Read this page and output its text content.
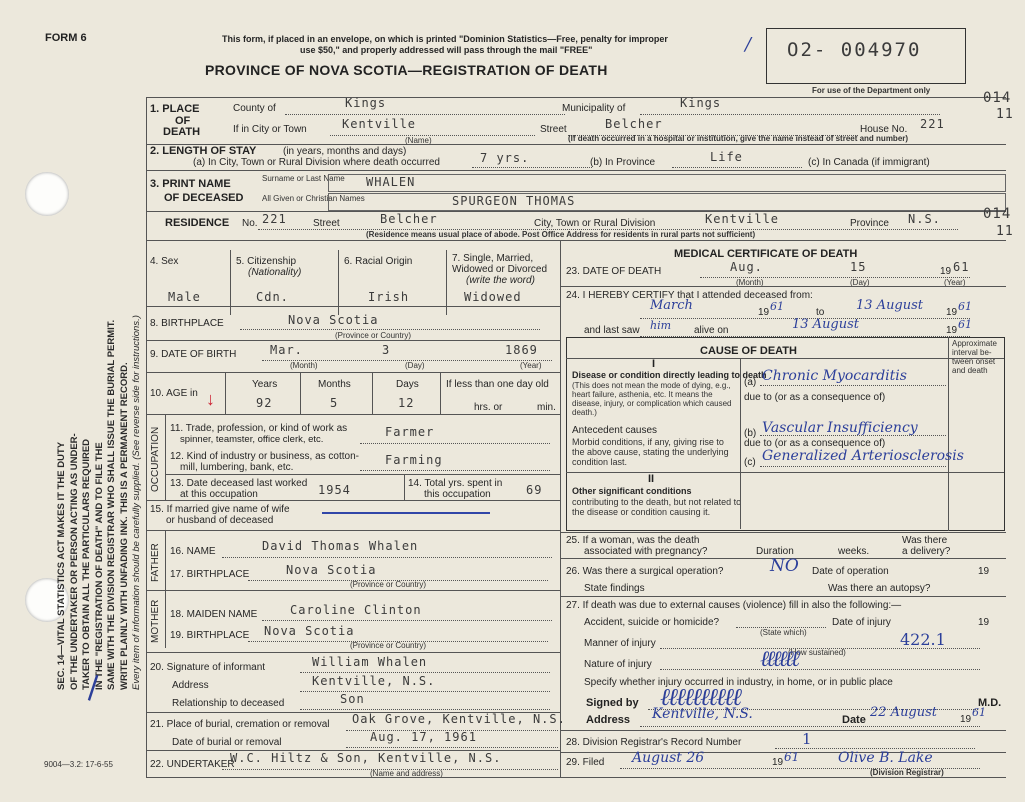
SEC. 14—VITAL STATISTICS ACT MAKES IT THE DUTY OF THE UNDERTAKER OR PERSON ACTING AS UNDER- TAKER TO OBTAIN ALL THE PARTICULARS REQUIRED IN THE "REGISTRATION OF DEATH" AND TO FILE THE SAME WITH THE DIVISION REGISTRAR WHO SHALL ISSUE THE BURIAL PERMIT. WRITE PLAINLY WITH UNFADING INK. THIS IS A PERMANENT RECORD. Every item of information should be carefully supplied. (See reverse side for instructions.)
9004—3.2: 17-6-55
\
FORM 6	This form, if placed in an envelope, on which is printed "Dominion Statistics—Free, penalty for improper
use $50," and properly addressed will pass through the mail "FREE"
PROVINCE OF NOVA SCOTIA—REGISTRATION OF DEATH
O2- 004970
/
For use of the Department only
1. PLACE
OF
DEATH
County of	Kings	Municipality of	Kings
If in City or Town	Kentville
(Name)
Street	Belcher	House No. 221
(If death occurred in a hospital or institution, give the name instead of street and number)
014
11
2. LENGTH OF STAY	(in years, months and days)
(a) In City, Town or Rural Division where death occurred	7 yrs.	(b) In Province	Life	(c) In Canada (if immigrant)
3. PRINT NAME
OF DECEASED
Surname or Last Name WHALEN
All Given or Christian Names	SPURGEON THOMAS
RESIDENCE No. 221	Street	Belcher	City, Town or Rural Division	Kentville	Province N.S.
(Residence means usual place of abode. Post Office Address for residents in rural parts not sufficient)
014
11
4. Sex
Male
5. Citizenship
(Nationality)
Cdn.
6. Racial Origin
Irish
7. Single, Married,
Widowed or Divorced
(write the word)
Widowed
8. BIRTHPLACE	Nova Scotia
(Province or Country)
9. DATE OF BIRTH	Mar.	3	1869
(Month)	(Day)	(Year)
10. AGE in ↓
Years
92
Months
5
Days
12
If less than one day old
hrs. or	min.
OCCUPATION 11. Trade, profession, or kind of work as
spinner, teamster, office clerk, etc.
Farmer
12. Kind of industry or business, as cotton-
mill, lumbering, bank, etc.
Farming
13. Date deceased last worked
at this occupation	1954	14. Total yrs. spent in
this occupation	69
15. If married give name of wife
or husband of deceased
FATHER 16. NAME	David Thomas Whalen
17. BIRTHPLACE	Nova Scotia
(Province or Country)
MOTHER 18. MAIDEN NAME	Caroline Clinton
19. BIRTHPLACE Nova Scotia
(Province or Country)
20. Signature of informant	William Whalen
Address	Kentville, N.S.
Relationship to deceased	Son
21. Place of burial, cremation or removal Oak Grove, Kentville, N.S.
Date of burial or removal	Aug. 17, 1961
22. UNDERTAKER
W.C. Hiltz & Son, Kentville, N.S.
(Name and address)
MEDICAL CERTIFICATE OF DEATH
23. DATE OF DEATH	Aug.	15	19 61
(Month)	(Day)	(Year)
24. I HEREBY CERTIFY that I attended deceased from:
March	19 61	to 13 August 19 61
and last saw him alive on	13 August	19 61
CAUSE OF DEATH
Approximate interval be-tween onset and death
I
Disease or condition directly leading to death
(This does not mean the mode of dying, e.g., heart failure, asthenia, etc. It means the disease, injury, or complication which caused death.)
(a) Chronic Myocarditis
due to (or as a consequence of)
Antecedent causes
Morbid conditions, if any, giving rise to the above cause, stating the underlying condition last.
(b) Vascular Insufficiency
due to (or as a consequence of)
(c) Generalized Arteriosclerosis
II
Other significant conditions
contributing to the death, but not related to the disease or condition causing it.
25. If a woman, was the death
associated with pregnancy?	Duration	weeks.
Was there
a delivery?
26. Was there a surgical operation?	NO Date of operation	19
State findings	Was there an autopsy?
27. If death was due to external causes (violence) fill in also the following:—
Accident, suicide or homicide?	Date of injury	19
(State which)
Manner of injury	422.1
(How sustained)
Nature of injury
Specify whether injury occurred in industry, in home, or in public place
ℓℓℓℓℓℓ
Signed by ℓℓℓℓℓℓℓℓℓℓ	M.D.
Address Kentville, N.S.	Date 22 August 19
61
28. Division Registrar's Record Number	1
29. Filed August 26	19 61	Olive B. Lake
(Division Registrar)
